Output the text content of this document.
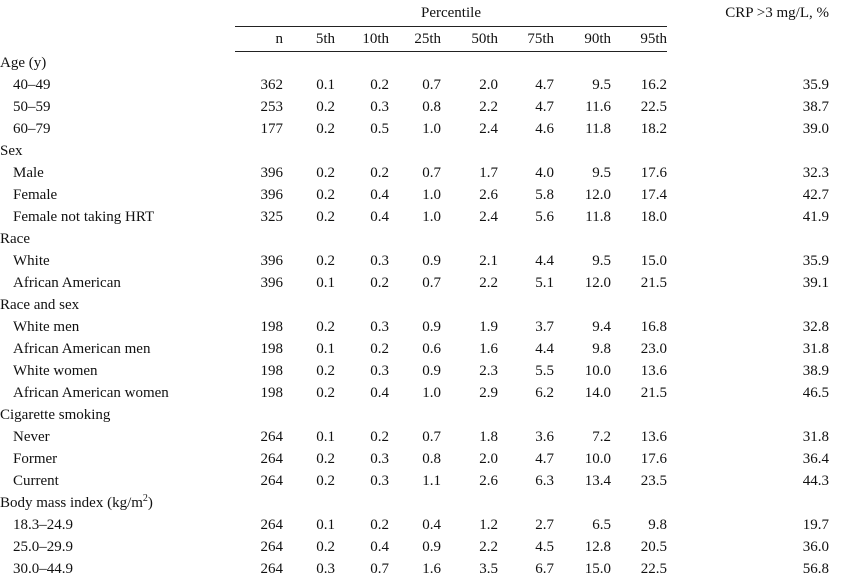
	Percentile								CRP >3 mg/L, %
	n	5th	10th	25th	50th	75th	90th	95th	
Age (y)									
40–49	362	0.1	0.2	0.7	2.0	4.7	9.5	16.2	35.9
50–59	253	0.2	0.3	0.8	2.2	4.7	11.6	22.5	38.7
60–79	177	0.2	0.5	1.0	2.4	4.6	11.8	18.2	39.0
Sex									
Male	396	0.2	0.2	0.7	1.7	4.0	9.5	17.6	32.3
Female	396	0.2	0.4	1.0	2.6	5.8	12.0	17.4	42.7
Female not taking HRT	325	0.2	0.4	1.0	2.4	5.6	11.8	18.0	41.9
Race									
White	396	0.2	0.3	0.9	2.1	4.4	9.5	15.0	35.9
African American	396	0.1	0.2	0.7	2.2	5.1	12.0	21.5	39.1
Race and sex									
White men	198	0.2	0.3	0.9	1.9	3.7	9.4	16.8	32.8
African American men	198	0.1	0.2	0.6	1.6	4.4	9.8	23.0	31.8
White women	198	0.2	0.3	0.9	2.3	5.5	10.0	13.6	38.9
African American women	198	0.2	0.4	1.0	2.9	6.2	14.0	21.5	46.5
Cigarette smoking									
Never	264	0.1	0.2	0.7	1.8	3.6	7.2	13.6	31.8
Former	264	0.2	0.3	0.8	2.0	4.7	10.0	17.6	36.4
Current	264	0.2	0.3	1.1	2.6	6.3	13.4	23.5	44.3
Body mass index $(kg/m^2)$									
18.3–24.9	264	0.1	0.2	0.4	1.2	2.7	6.5	9.8	19.7
25.0–29.9	264	0.2	0.4	0.9	2.2	4.5	12.8	20.5	36.0
30.0–44.9	264	0.3	0.7	1.6	3.5	6.7	15.0	22.5	56.8
